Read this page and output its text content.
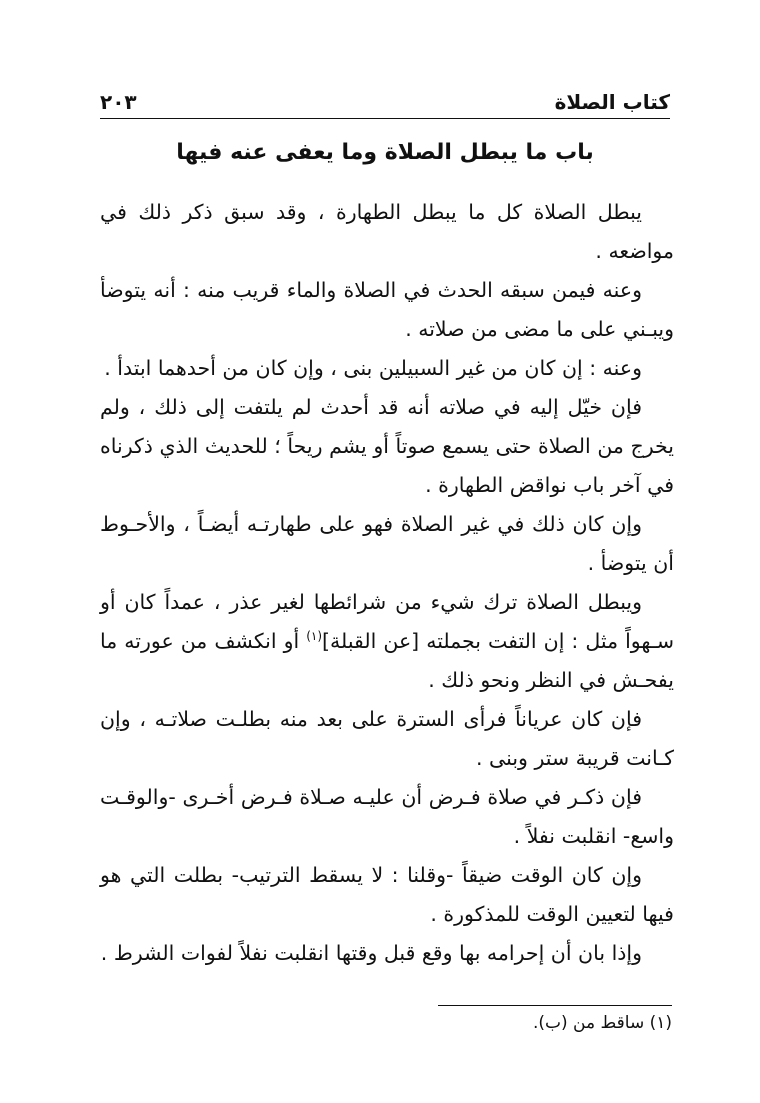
كتاب الصلاة
٢٠٣
باب ما يبطل الصلاة وما يعفى عنه فيها

يبطل الصلاة كل ما يبطل الطهارة ، وقد سبق ذكر ذلك في مواضعه .

وعنه فيمن سبقه الحدث في الصلاة والماء قريب منه : أنه يتوضأ ويبـني على ما مضى من صلاته .

وعنه : إن كان من غير السبيلين بنى ، وإن كان من أحدهما ابتدأ .

فإن خيّل إليه في صلاته أنه قد أحدث لم يلتفت إلى ذلك ، ولم يخرج من الصلاة حتى يسمع صوتاً أو يشم ريحاً ؛ للحديث الذي ذكرناه في آخر باب نواقض الطهارة .

وإن كان ذلك في غير الصلاة فهو على طهارتـه أيضـاً ، والأحـوط أن يتوضأ .

ويبطل الصلاة ترك شيء من شرائطها لغير عذر ، عمداً كان أو سـهواً مثل : إن التفت بجملته [عن القبلة]$^{(١)}$ أو انكشف من عورته ما يفحـش في النظر ونحو ذلك .

فإن كان عرياناً فرأى السترة على بعد منه بطلـت صلاتـه ، وإن كـانت قريبة ستر وبنى .

فإن ذكـر في صلاة فـرض أن عليـه صـلاة فـرض أخـرى -والوقـت واسع- انقلبت نفلاً .

وإن كان الوقت ضيقاً -وقلنا : لا يسقط الترتيب- بطلت التي هو فيها لتعيين الوقت للمذكورة .

وإذا بان أن إحرامه بها وقع قبل وقتها انقلبت نفلاً لفوات الشرط .

(١) ساقط من (ب).
